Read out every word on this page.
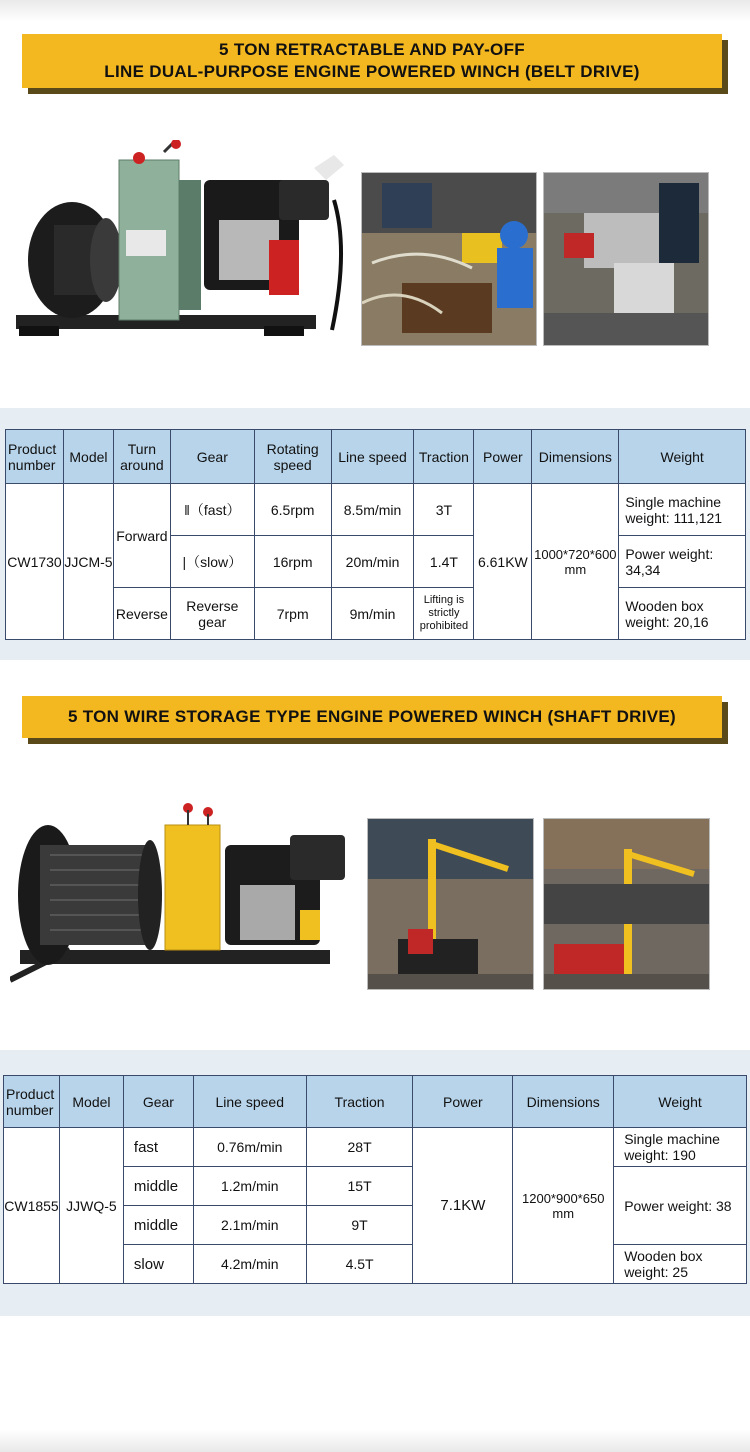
5 TON RETRACTABLE AND PAY-OFF
LINE DUAL-PURPOSE ENGINE POWERED WINCH (BELT DRIVE)
Product number	Model	Turn around	Gear	Rotating speed	Line speed	Traction	Power	Dimensions	Weight
CW1730	JJCM-5	Forward	‖（fast）	6.5rpm	8.5m/min	3T	6.61KW	1000*720*600 mm	Single machine weight: 111,121
			|（slow）	16rpm	20m/min	1.4T			Power weight: 34,34
		Reverse	Reverse gear	7rpm	9m/min	Lifting is strictly prohibited			Wooden box weight: 20,16
5 TON WIRE STORAGE TYPE ENGINE POWERED WINCH (SHAFT DRIVE)
Product number	Model	Gear	Line speed	Traction	Power	Dimensions	Weight
CW1855	JJWQ-5	fast	0.76m/min	28T	7.1KW	1200*900*650 mm	Single machine weight: 190
		middle	1.2m/min	15T			Power weight: 38
		middle	2.1m/min	9T			
		slow	4.2m/min	4.5T			Wooden box weight: 25
